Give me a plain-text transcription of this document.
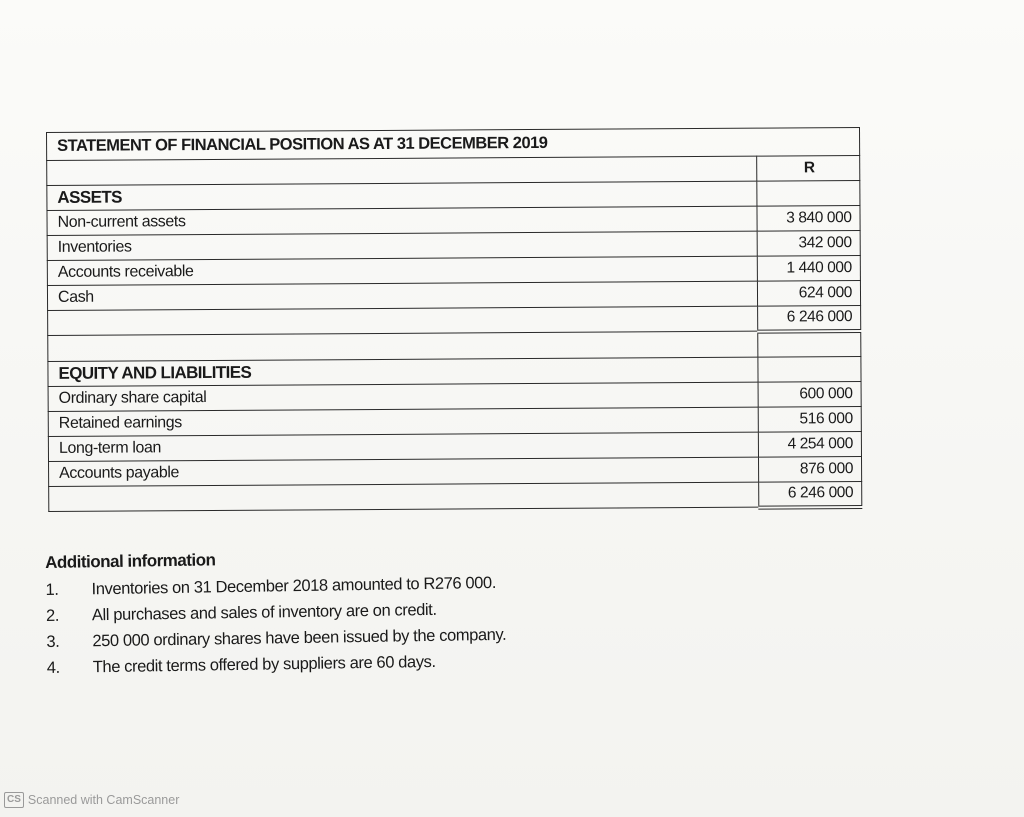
STATEMENT OF FINANCIAL POSITION AS AT 31 DECEMBER 2019	
	R
ASSETS	
Non-current assets	3 840 000
Inventories	342 000
Accounts receivable	1 440 000
Cash	624 000
	6 246 000

EQUITY AND LIABILITIES	
Ordinary share capital	600 000
Retained earnings	516 000
Long-term loan	4 254 000
Accounts payable	876 000
	6 246 000
Additional information
1.	Inventories on 31 December 2018 amounted to R276 000.
2.	All purchases and sales of inventory are on credit.
3.	250 000 ordinary shares have been issued by the company.
4.	The credit terms offered by suppliers are 60 days.
CS Scanned with CamScanner
